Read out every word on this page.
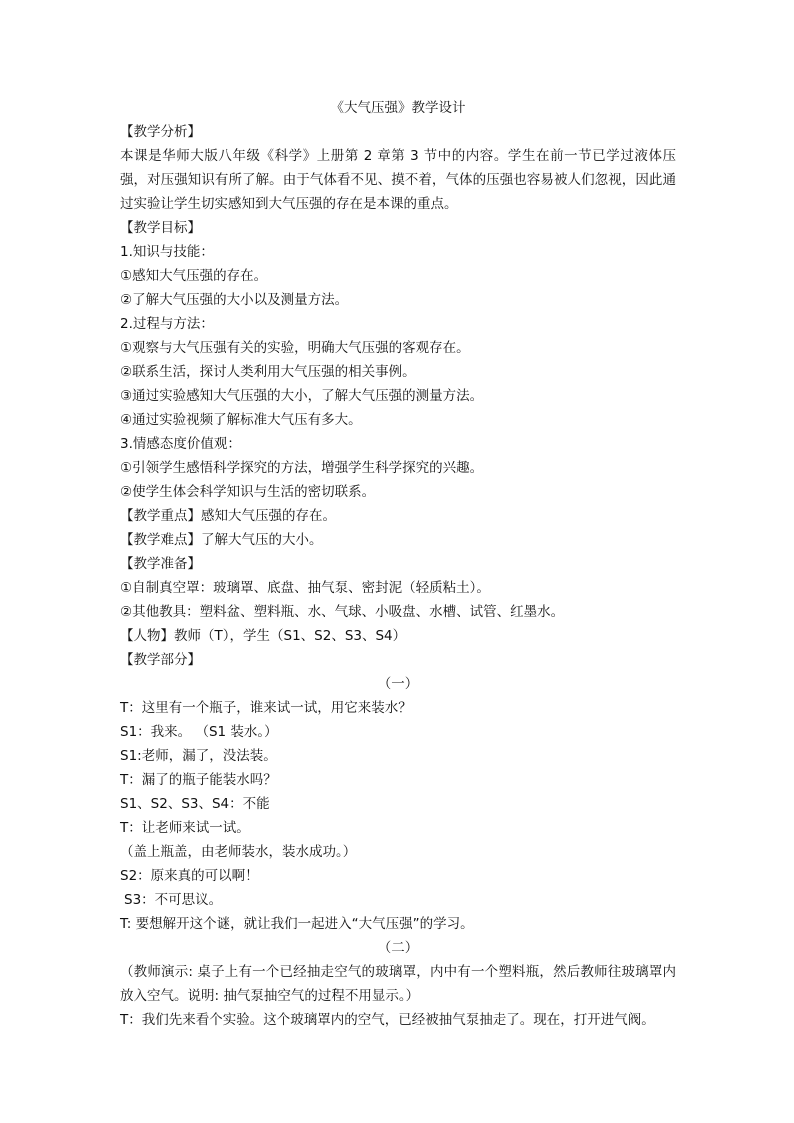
《大气压强》教学设计
【教学分析】
本课是华师大版八年级《科学》上册第 2 章第 3 节中的内容。学生在前一节已学过液体压强，对压强知识有所了解。由于气体看不见、摸不着，气体的压强也容易被人们忽视，因此通过实验让学生切实感知到大气压强的存在是本课的重点。
【教学目标】
1.知识与技能：
①感知大气压强的存在。
②了解大气压强的大小以及测量方法。
2.过程与方法：
①观察与大气压强有关的实验，明确大气压强的客观存在。
②联系生活，探讨人类利用大气压强的相关事例。
③通过实验感知大气压强的大小，了解大气压强的测量方法。
④通过实验视频了解标准大气压有多大。
3.情感态度价值观：
①引领学生感悟科学探究的方法，增强学生科学探究的兴趣。
②使学生体会科学知识与生活的密切联系。
【教学重点】感知大气压强的存在。
【教学难点】了解大气压的大小。
【教学准备】
①自制真空罩：玻璃罩、底盘、抽气泵、密封泥（轻质粘土）。
②其他教具：塑料盆、塑料瓶、水、气球、小吸盘、水槽、试管、红墨水。
【人物】教师（T），学生（S1、S2、S3、S4）
【教学部分】
（一）
T：这里有一个瓶子，谁来试一试，用它来装水？
S1：我来。 （S1 装水。）
S1:老师，漏了，没法装。
T：漏了的瓶子能装水吗？
S1、S2、S3、S4：不能
T：让老师来试一试。
（盖上瓶盖，由老师装水，装水成功。）
S2：原来真的可以啊！
S3：不可思议。
T: 要想解开这个谜，就让我们一起进入“大气压强”的学习。
（二）
（教师演示: 桌子上有一个已经抽走空气的玻璃罩，内中有一个塑料瓶，然后教师往玻璃罩内放入空气。说明: 抽气泵抽空气的过程不用显示。）
T：我们先来看个实验。这个玻璃罩内的空气，已经被抽气泵抽走了。现在，打开进气阀。
